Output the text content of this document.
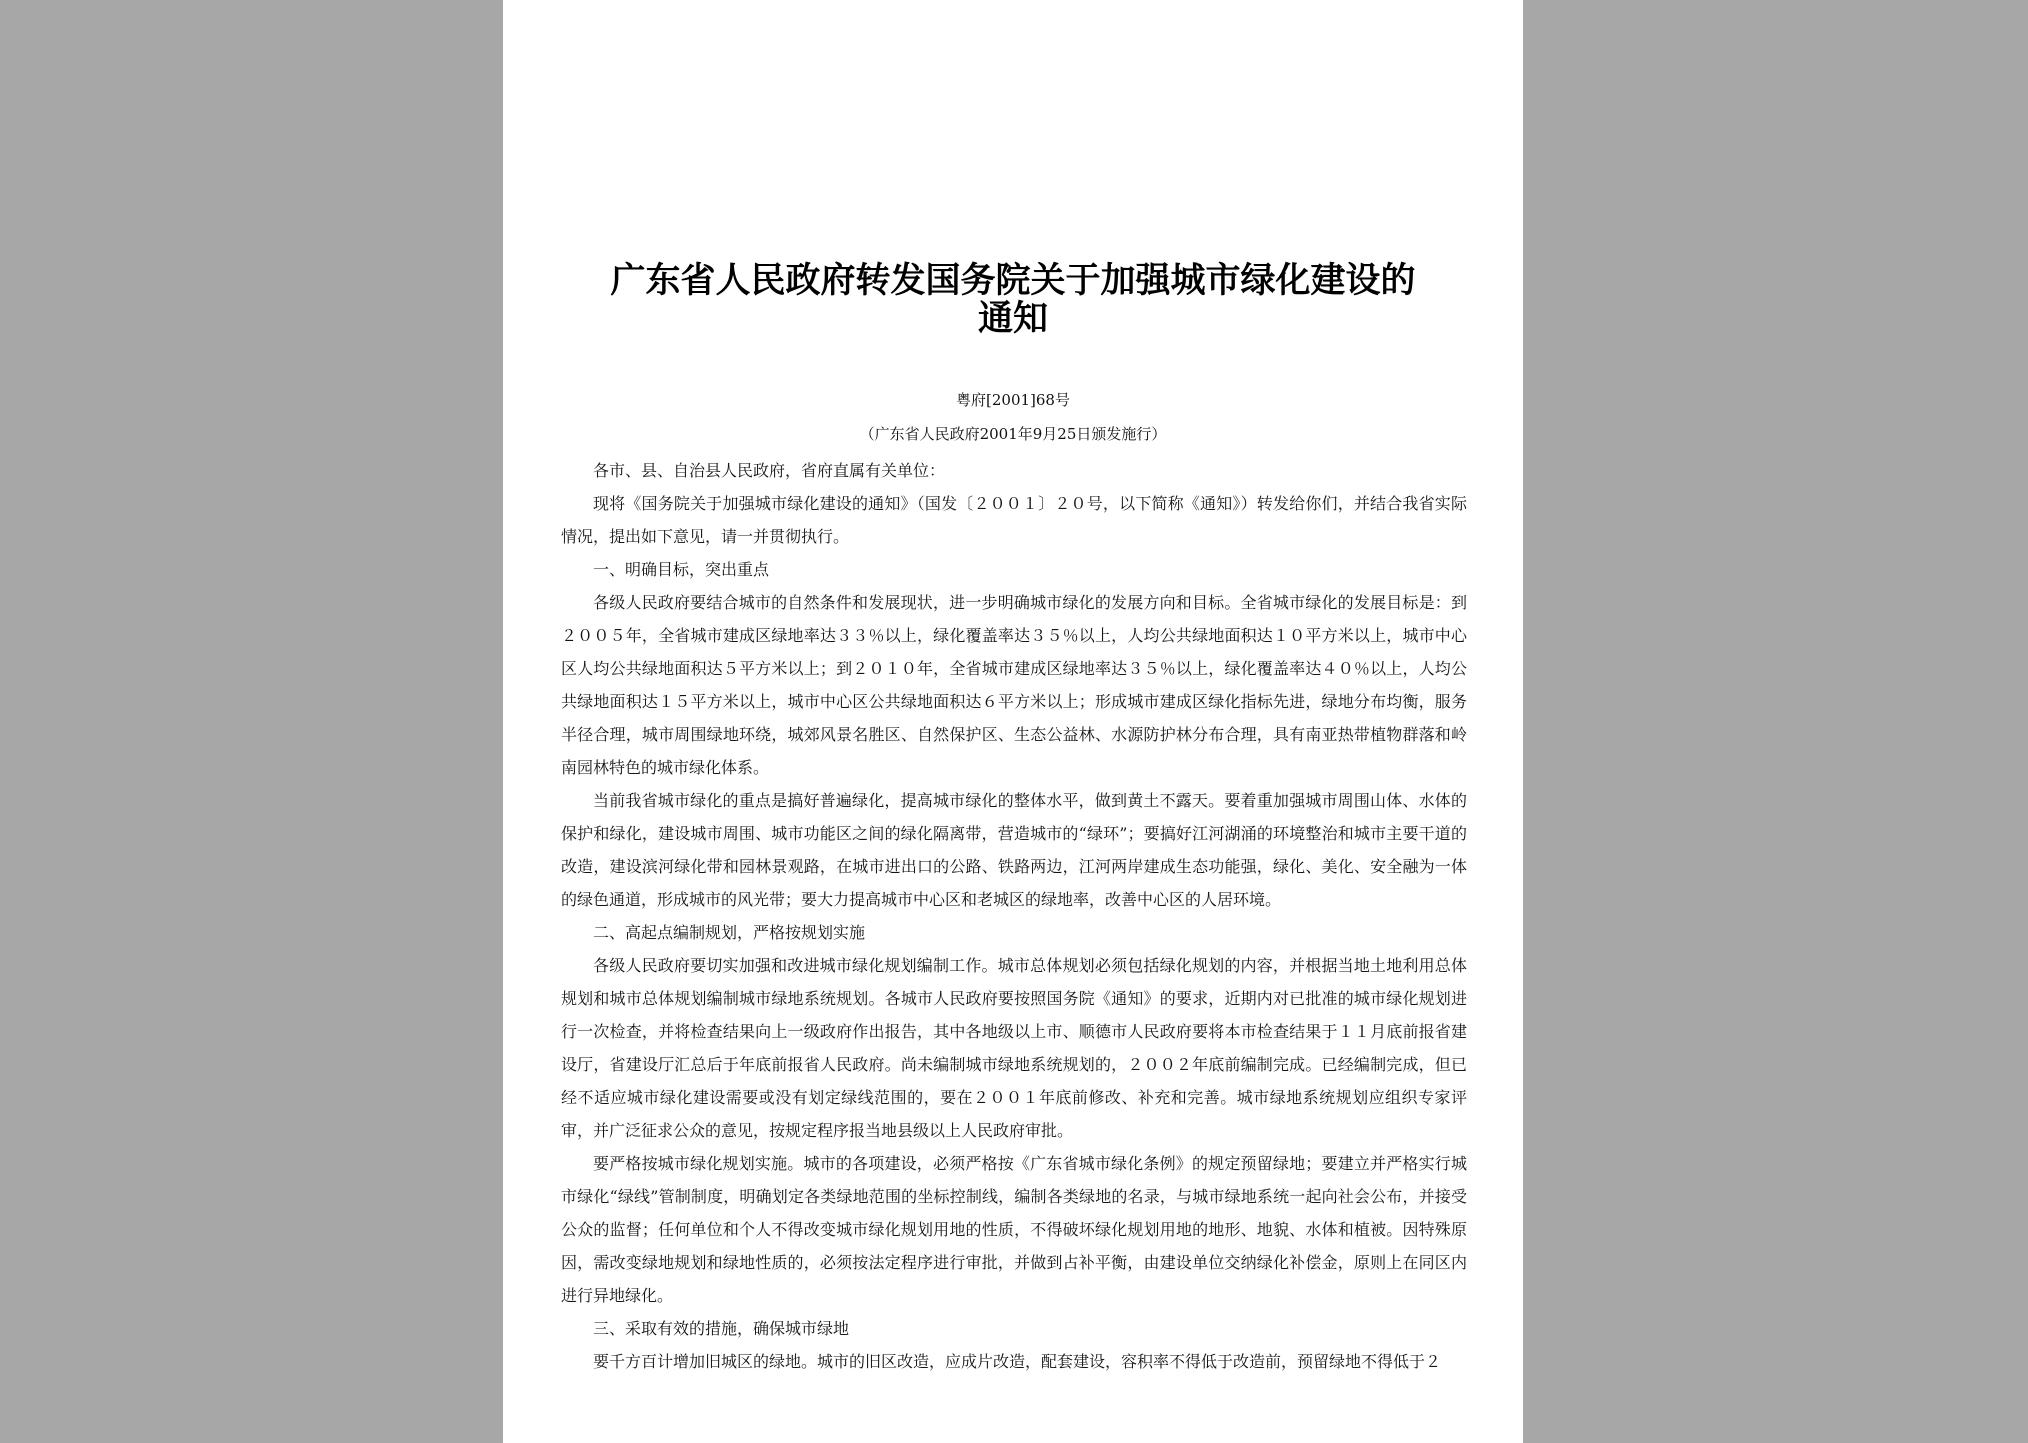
广东省人民政府转发国务院关于加强城市绿化建设的
通知
粤府[2001]68号
（广东省人民政府2001年9月25日颁发施行）

各市、县、自治县人民政府，省府直属有关单位：

现将《国务院关于加强城市绿化建设的通知》（国发〔２００１〕２０号，以下简称《通知》）转发给你们，并结合我省实际情况，提出如下意见，请一并贯彻执行。

一、明确目标，突出重点

各级人民政府要结合城市的自然条件和发展现状，进一步明确城市绿化的发展方向和目标。全省城市绿化的发展目标是：到２００５年，全省城市建成区绿地率达３３％以上，绿化覆盖率达３５％以上，人均公共绿地面积达１０平方米以上，城市中心区人均公共绿地面积达５平方米以上；到２０１０年，全省城市建成区绿地率达３５％以上，绿化覆盖率达４０％以上，人均公共绿地面积达１５平方米以上，城市中心区公共绿地面积达６平方米以上；形成城市建成区绿化指标先进，绿地分布均衡，服务半径合理，城市周围绿地环绕，城郊风景名胜区、自然保护区、生态公益林、水源防护林分布合理，具有南亚热带植物群落和岭南园林特色的城市绿化体系。

当前我省城市绿化的重点是搞好普遍绿化，提高城市绿化的整体水平，做到黄土不露天。要着重加强城市周围山体、水体的保护和绿化，建设城市周围、城市功能区之间的绿化隔离带，营造城市的“绿环”；要搞好江河湖涌的环境整治和城市主要干道的改造，建设滨河绿化带和园林景观路，在城市进出口的公路、铁路两边，江河两岸建成生态功能强，绿化、美化、安全融为一体的绿色通道，形成城市的风光带；要大力提高城市中心区和老城区的绿地率，改善中心区的人居环境。

二、高起点编制规划，严格按规划实施

各级人民政府要切实加强和改进城市绿化规划编制工作。城市总体规划必须包括绿化规划的内容，并根据当地土地利用总体规划和城市总体规划编制城市绿地系统规划。各城市人民政府要按照国务院《通知》的要求，近期内对已批准的城市绿化规划进行一次检查，并将检查结果向上一级政府作出报告，其中各地级以上市、顺德市人民政府要将本市检查结果于１１月底前报省建设厅，省建设厅汇总后于年底前报省人民政府。尚未编制城市绿地系统规划的，２００２年底前编制完成。已经编制完成，但已经不适应城市绿化建设需要或没有划定绿线范围的，要在２００１年底前修改、补充和完善。城市绿地系统规划应组织专家评审，并广泛征求公众的意见，按规定程序报当地县级以上人民政府审批。

要严格按城市绿化规划实施。城市的各项建设，必须严格按《广东省城市绿化条例》的规定预留绿地；要建立并严格实行城市绿化“绿线”管制制度，明确划定各类绿地范围的坐标控制线，编制各类绿地的名录，与城市绿地系统一起向社会公布，并接受公众的监督；任何单位和个人不得改变城市绿化规划用地的性质，不得破坏绿化规划用地的地形、地貌、水体和植被。因特殊原因，需改变绿地规划和绿地性质的，必须按法定程序进行审批，并做到占补平衡，由建设单位交纳绿化补偿金，原则上在同区内进行异地绿化。

三、采取有效的措施，确保城市绿地

要千方百计增加旧城区的绿地。城市的旧区改造，应成片改造，配套建设，容积率不得低于改造前，预留绿地不得低于２
